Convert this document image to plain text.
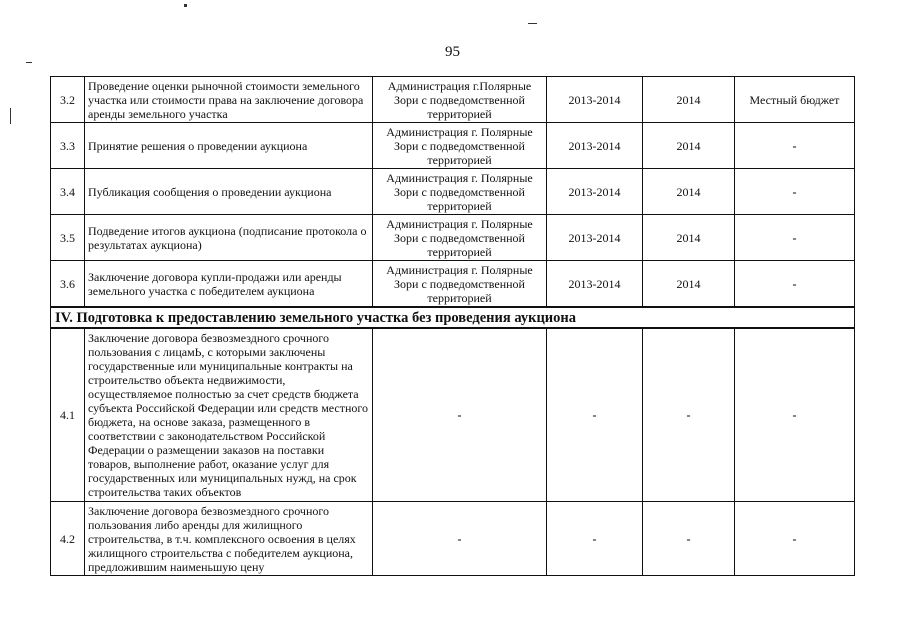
95
3.2	Проведение оценки рыночной стоимости земельного участка или стоимости права на заключение договора аренды земельного участка	Администрация г.Полярные Зори с подведомственной территорией	2013-2014	2014	Местный бюджет
3.3	Принятие решения о проведении аукциона	Администрация г. Полярные Зори с подведомственной территорией	2013-2014	2014	-
3.4	Публикация сообщения о проведении аукциона	Администрация г. Полярные Зори с подведомственной территорией	2013-2014	2014	-
3.5	Подведение итогов аукциона (подписание протокола о результатах аукциона)	Администрация г. Полярные Зори с подведомственной территорией	2013-2014	2014	-
3.6	Заключение договора купли-продажи или аренды земельного участка с победителем аукциона	Администрация г. Полярные Зори с подведомственной территорией	2013-2014	2014	-
IV. Подготовка к предоставлению земельного участка без проведения аукциона					
4.1	Заключение договора безвозмездного срочного пользования с лицамЬ, с которыми заключены государственные или муниципальные контракты на строительство объекта недвижимости, осуществляемое полностью за счет средств бюджета субъекта Российской Федерации или средств местного бюджета, на основе заказа, размещенного в соответствии с законодательством Российской Федерации о размещении заказов на поставки товаров, выполнение работ, оказание услуг для государственных или муниципальных нужд, на срок строительства таких объектов	-	-	-	-
4.2	Заключение договора безвозмездного срочного пользования либо аренды для жилищного строительства, в т.ч. комплексного освоения в целях жилищного строительства с победителем аукциона, предложившим наименьшую цену	-	-	-	-
